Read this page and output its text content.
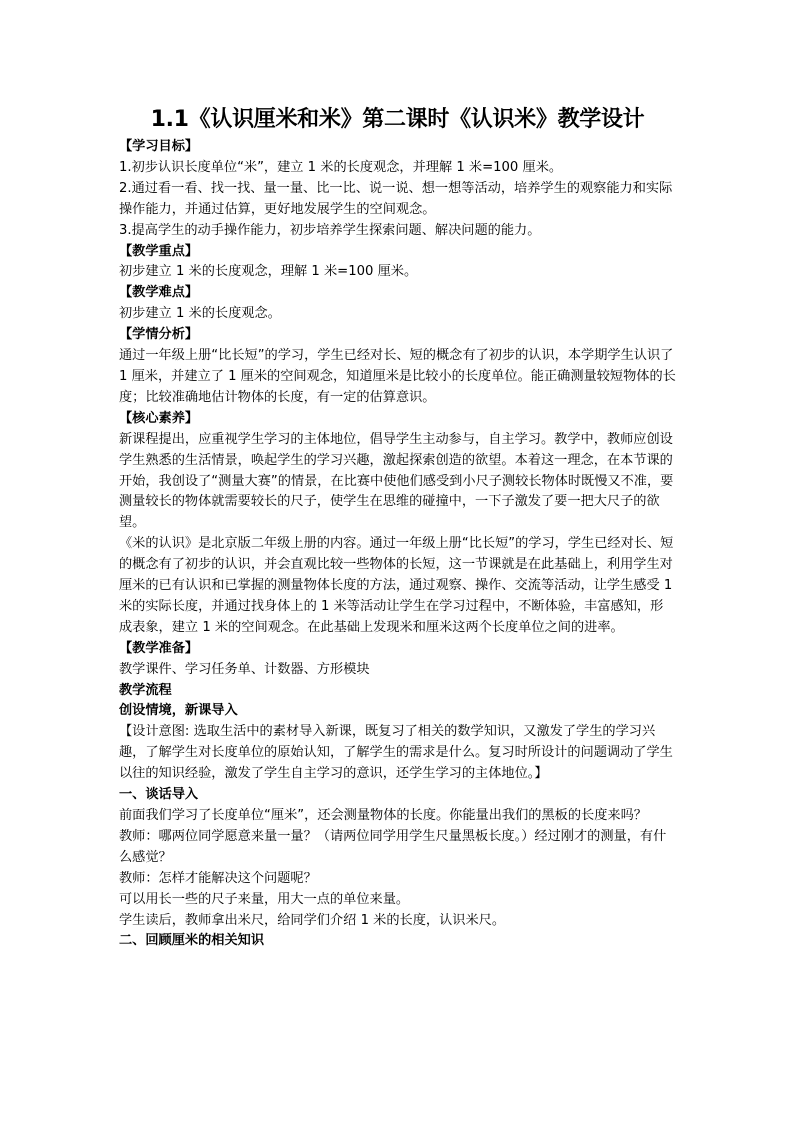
1.1《认识厘米和米》第二课时《认识米》教学设计

【学习目标】

1.初步认识长度单位“米”，建立 1 米的长度观念，并理解 1 米=100 厘米。

2.通过看一看、找一找、量一量、比一比、说一说、想一想等活动，培养学生的观察能力和实际操作能力，并通过估算，更好地发展学生的空间观念。

3.提高学生的动手操作能力，初步培养学生探索问题、解决问题的能力。

【教学重点】

初步建立 1 米的长度观念，理解 1 米=100 厘米。

【教学难点】

初步建立 1 米的长度观念。

【学情分析】

通过一年级上册“比长短”的学习，学生已经对长、短的概念有了初步的认识，本学期学生认识了 1 厘米，并建立了 1 厘米的空间观念，知道厘米是比较小的长度单位。能正确测量较短物体的长度；比较准确地估计物体的长度，有一定的估算意识。

【核心素养】

新课程提出，应重视学生学习的主体地位，倡导学生主动参与，自主学习。教学中，教师应创设学生熟悉的生活情景，唤起学生的学习兴趣，激起探索创造的欲望。本着这一理念，在本节课的开始，我创设了“测量大赛”的情景，在比赛中使他们感受到小尺子测较长物体时既慢又不准，要测量较长的物体就需要较长的尺子，使学生在思维的碰撞中，一下子激发了要一把大尺子的欲望。

《米的认识》是北京版二年级上册的内容。通过一年级上册“比长短”的学习，学生已经对长、短的概念有了初步的认识，并会直观比较一些物体的长短，这一节课就是在此基础上，利用学生对厘米的已有认识和已掌握的测量物体长度的方法，通过观察、操作、交流等活动，让学生感受 1 米的实际长度，并通过找身体上的 1 米等活动让学生在学习过程中，不断体验，丰富感知，形成表象，建立 1 米的空间观念。在此基础上发现米和厘米这两个长度单位之间的进率。

【教学准备】

教学课件、学习任务单、计数器、方形模块

教学流程

创设情境，新课导入

【设计意图: 选取生活中的素材导入新课，既复习了相关的数学知识，又激发了学生的学习兴趣，了解学生对长度单位的原始认知，了解学生的需求是什么。复习时所设计的问题调动了学生以往的知识经验，激发了学生自主学习的意识，还学生学习的主体地位。】

一、谈话导入

前面我们学习了长度单位“厘米”，还会测量物体的长度。你能量出我们的黑板的长度来吗？

教师：哪两位同学愿意来量一量？（请两位同学用学生尺量黑板长度。）经过刚才的测量，有什么感觉？

教师：怎样才能解决这个问题呢？

可以用长一些的尺子来量，用大一点的单位来量。

学生读后，教师拿出米尺，给同学们介绍 1 米的长度，认识米尺。

二、回顾厘米的相关知识
